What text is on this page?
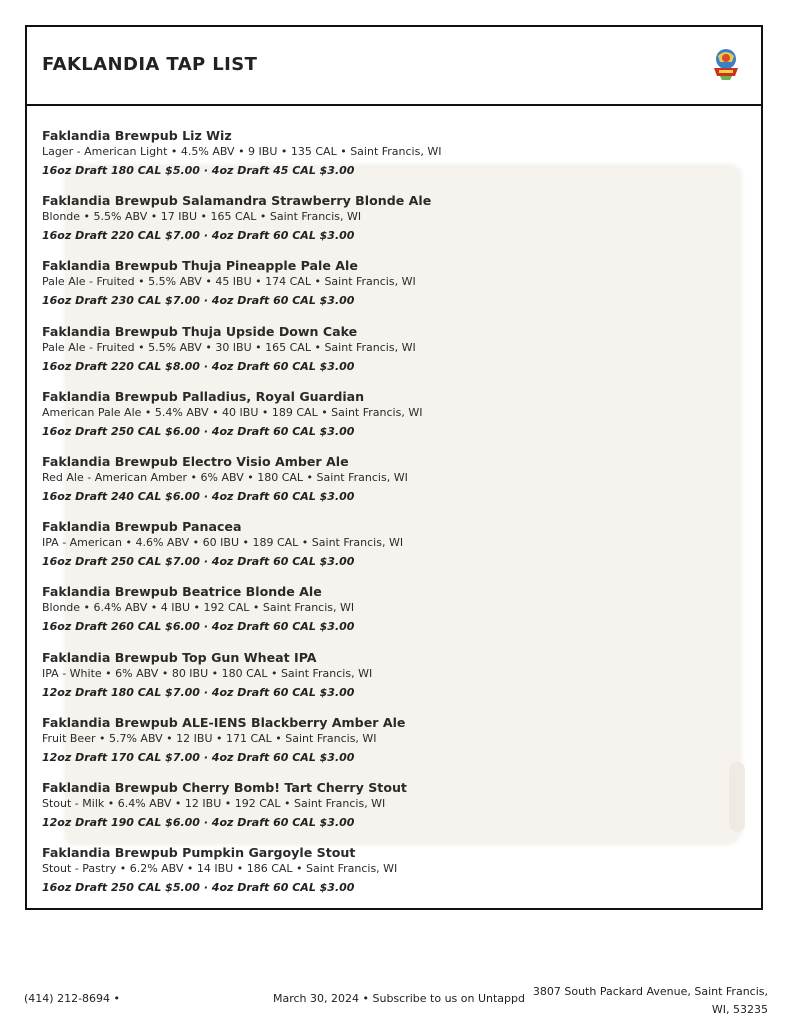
FAKLANDIA TAP LIST
Faklandia Brewpub Liz Wiz
Lager - American Light • 4.5% ABV • 9 IBU • 135 CAL • Saint Francis, WI
16oz Draft 180 CAL $5.00 · 4oz Draft 45 CAL $3.00
Faklandia Brewpub Salamandra Strawberry Blonde Ale
Blonde • 5.5% ABV • 17 IBU • 165 CAL • Saint Francis, WI
16oz Draft 220 CAL $7.00 · 4oz Draft 60 CAL $3.00
Faklandia Brewpub Thuja Pineapple Pale Ale
Pale Ale - Fruited • 5.5% ABV • 45 IBU • 174 CAL • Saint Francis, WI
16oz Draft 230 CAL $7.00 · 4oz Draft 60 CAL $3.00
Faklandia Brewpub Thuja Upside Down Cake
Pale Ale - Fruited • 5.5% ABV • 30 IBU • 165 CAL • Saint Francis, WI
16oz Draft 220 CAL $8.00 · 4oz Draft 60 CAL $3.00
Faklandia Brewpub Palladius, Royal Guardian
American Pale Ale • 5.4% ABV • 40 IBU • 189 CAL • Saint Francis, WI
16oz Draft 250 CAL $6.00 · 4oz Draft 60 CAL $3.00
Faklandia Brewpub Electro Visio Amber Ale
Red Ale - American Amber • 6% ABV • 180 CAL • Saint Francis, WI
16oz Draft 240 CAL $6.00 · 4oz Draft 60 CAL $3.00
Faklandia Brewpub Panacea
IPA - American • 4.6% ABV • 60 IBU • 189 CAL • Saint Francis, WI
16oz Draft 250 CAL $7.00 · 4oz Draft 60 CAL $3.00
Faklandia Brewpub Beatrice Blonde Ale
Blonde • 6.4% ABV • 4 IBU • 192 CAL • Saint Francis, WI
16oz Draft 260 CAL $6.00 · 4oz Draft 60 CAL $3.00
Faklandia Brewpub Top Gun Wheat IPA
IPA - White • 6% ABV • 80 IBU • 180 CAL • Saint Francis, WI
12oz Draft 180 CAL $7.00 · 4oz Draft 60 CAL $3.00
Faklandia Brewpub ALE-IENS Blackberry Amber Ale
Fruit Beer • 5.7% ABV • 12 IBU • 171 CAL • Saint Francis, WI
12oz Draft 170 CAL $7.00 · 4oz Draft 60 CAL $3.00
Faklandia Brewpub Cherry Bomb! Tart Cherry Stout
Stout - Milk • 6.4% ABV • 12 IBU • 192 CAL • Saint Francis, WI
12oz Draft 190 CAL $6.00 · 4oz Draft 60 CAL $3.00
Faklandia Brewpub Pumpkin Gargoyle Stout
Stout - Pastry • 6.2% ABV • 14 IBU • 186 CAL • Saint Francis, WI
16oz Draft 250 CAL $5.00 · 4oz Draft 60 CAL $3.00
(414) 212-8694 •	March 30, 2024 • Subscribe to us on Untappd
3807 South Packard Avenue, Saint Francis,
WI, 53235
